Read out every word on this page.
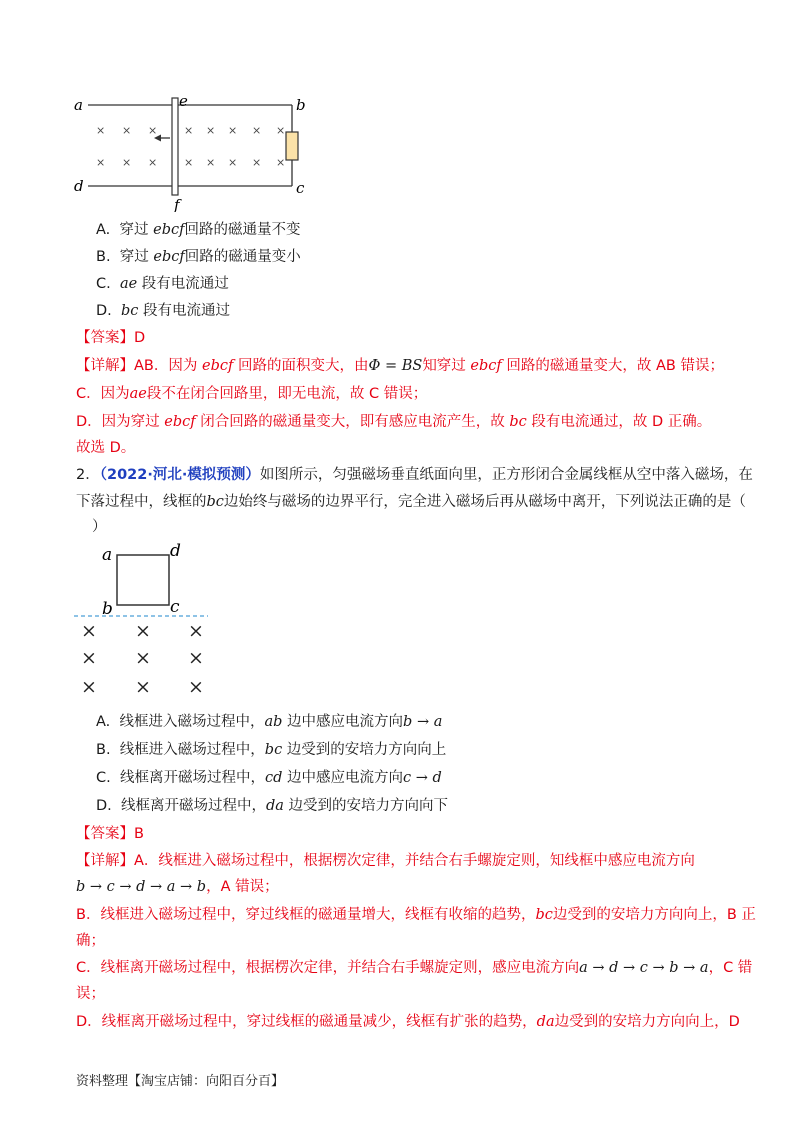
a	b
c
d
e
f
× × × × × × × ×
× × × × × × × ×
A. 穿过 ebcf回路的磁通量不变
B. 穿过 ebcf回路的磁通量变小
C. ae 段有电流通过
D. bc 段有电流通过
【答案】D
【详解】AB．因为 ebcf 回路的面积变大，由Φ = BS知穿过 ebcf 回路的磁通量变大，故 AB 错误；
C．因为ae段不在闭合回路里，即无电流，故 C 错误；
D．因为穿过 ebcf 闭合回路的磁通量变大，即有感应电流产生，故 bc 段有电流通过，故 D 正确。
故选 D。
2．（2022·河北·模拟预测）如图所示，匀强磁场垂直纸面向里，正方形闭合金属线框从空中落入磁场，在
下落过程中，线框的bc边始终与磁场的边界平行，完全进入磁场后再从磁场中离开，下列说法正确的是（
）
a	d
b	c
× × ×
× × ×
× × ×
A. 线框进入磁场过程中，ab 边中感应电流方向b → a
B. 线框进入磁场过程中，bc 边受到的安培力方向向上
C. 线框离开磁场过程中，cd 边中感应电流方向c → d
D. 线框离开磁场过程中，da 边受到的安培力方向向下
【答案】B
【详解】A．线框进入磁场过程中，根据楞次定律，并结合右手螺旋定则，知线框中感应电流方向
b → c → d → a → b，A 错误；
B．线框进入磁场过程中，穿过线框的磁通量增大，线框有收缩的趋势，bc边受到的安培力方向向上，B 正
确；
C．线框离开磁场过程中，根据楞次定律，并结合右手螺旋定则，感应电流方向a → d → c → b → a，C 错
误；
D．线框离开磁场过程中，穿过线框的磁通量减少，线框有扩张的趋势，da边受到的安培力方向向上，D
资料整理【淘宝店铺：向阳百分百】
